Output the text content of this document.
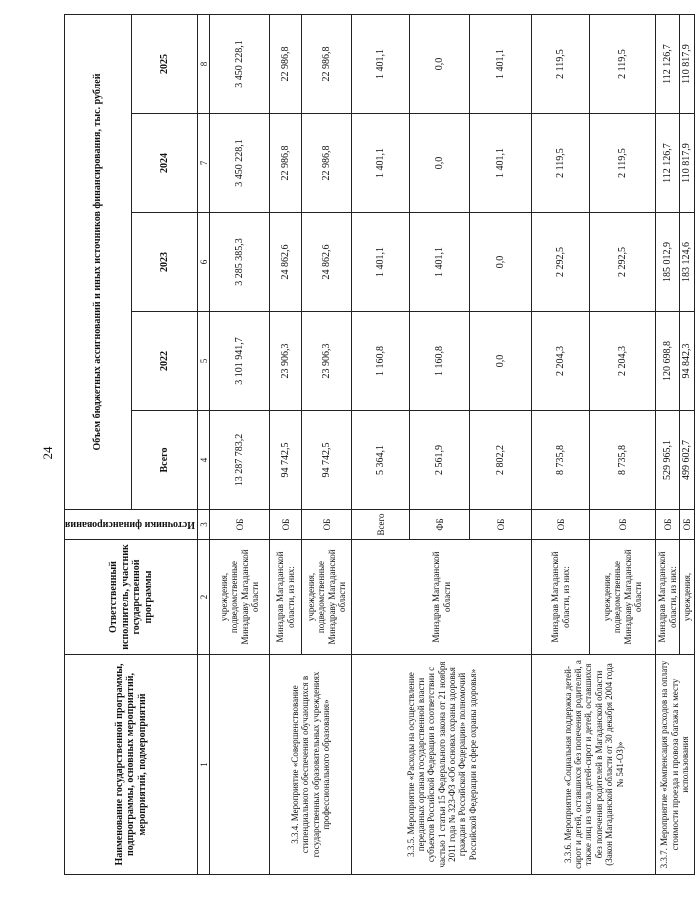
24
Наименование государственной программы, подпрограммы, основных мероприятий, мероприятий, подмероприятий	Ответственный исполнитель, участник государственной программы	Источники финансирования	Объем бюджетных ассигнований и иных источников финансирования, тыс. рублей				
			Всего	2022	2023	2024	2025
1	2	3	4	5	6	7	8
	учреждения, подведомственные Минздраву Магаданской области	ОБ	13 287 783,2	3 101 941,7	3 285 385,3	3 450 228,1	3 450 228,1
3.3.4. Мероприятие «Совершенствование стипендиального обеспечения обучающихся в государственных образовательных учреждениях профессионального образования»	Минздрав Магаданской области, из них:	ОБ	94 742,5	23 906,3	24 862,6	22 986,8	22 986,8
	учреждения, подведомственные Минздраву Магаданской области	ОБ	94 742,5	23 906,3	24 862,6	22 986,8	22 986,8
3.3.5. Мероприятие «Расходы на осуществление переданных органам государственной власти субъектов Российской Федерации в соответствии с частью 1 статьи 15 Федерального закона от 21 ноября 2011 года № 323-ФЗ «Об основах охраны здоровья граждан в Российской Федерации» полномочий Российской Федерации в сфере охраны здоровья»	Минздрав Магаданской области	Всего	5 364,1	1 160,8	1 401,1	1 401,1	1 401,1
		ФБ	2 561,9	1 160,8	1 401,1	0,0	0,0
		ОБ	2 802,2	0,0	0,0	1 401,1	1 401,1
3.3.6. Мероприятие «Социальная поддержка детей-сирот и детей, оставшихся без попечения родителей, а также лиц из числа детей-сирот и детей, оставшихся без попечения родителей в Магаданской области (Закон Магаданской области от 30 декабря 2004 года № 541-ОЗ)»	Минздрав Магаданской области, из них:	ОБ	8 735,8	2 204,3	2 292,5	2 119,5	2 119,5
	учреждения, подведомственные Минздраву Магаданской области	ОБ	8 735,8	2 204,3	2 292,5	2 119,5	2 119,5
3.3.7. Мероприятие «Компенсация расходов на оплату стоимости проезда и провоза багажа к месту использования	Минздрав Магаданской области, из них:	ОБ	529 965,1	120 698,8	185 012,9	112 126,7	112 126,7
	учреждения,	ОБ	499 602,7	94 842,3	183 124,6	110 817,9	110 817,9
